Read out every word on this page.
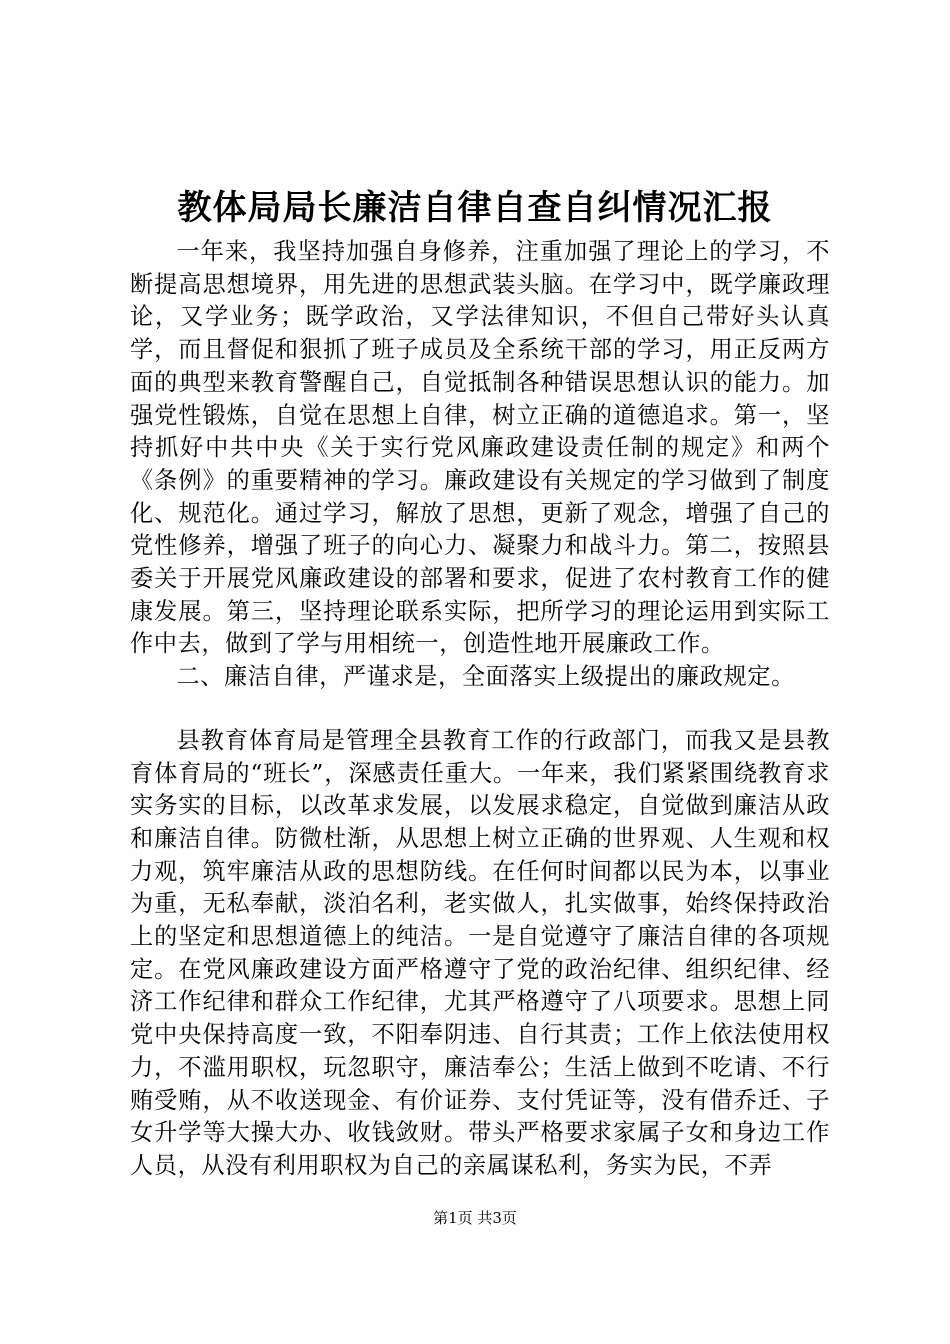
教体局局长廉洁自律自查自纠情况汇报

一年来，我坚持加强自身修养，注重加强了理论上的学习，不断提高思想境界，用先进的思想武装头脑。在学习中，既学廉政理论，又学业务；既学政治，又学法律知识，不但自己带好头认真学，而且督促和狠抓了班子成员及全系统干部的学习，用正反两方面的典型来教育警醒自己，自觉抵制各种错误思想认识的能力。加强党性锻炼，自觉在思想上自律，树立正确的道德追求。第一，坚持抓好中共中央《关于实行党风廉政建设责任制的规定》和两个《条例》的重要精神的学习。廉政建设有关规定的学习做到了制度化、规范化。通过学习，解放了思想，更新了观念，增强了自己的党性修养，增强了班子的向心力、凝聚力和战斗力。第二，按照县委关于开展党风廉政建设的部署和要求，促进了农村教育工作的健康发展。第三，坚持理论联系实际，把所学习的理论运用到实际工作中去，做到了学与用相统一，创造性地开展廉政工作。

二、廉洁自律，严谨求是，全面落实上级提出的廉政规定。

县教育体育局是管理全县教育工作的行政部门，而我又是县教育体育局的“班长”，深感责任重大。一年来，我们紧紧围绕教育求实务实的目标，以改革求发展，以发展求稳定，自觉做到廉洁从政和廉洁自律。防微杜渐，从思想上树立正确的世界观、人生观和权力观，筑牢廉洁从政的思想防线。在任何时间都以民为本，以事业为重，无私奉献，淡泊名利，老实做人，扎实做事，始终保持政治上的坚定和思想道德上的纯洁。一是自觉遵守了廉洁自律的各项规定。在党风廉政建设方面严格遵守了党的政治纪律、组织纪律、经济工作纪律和群众工作纪律，尤其严格遵守了八项要求。思想上同党中央保持高度一致，不阳奉阴违、自行其责；工作上依法使用权力，不滥用职权，玩忽职守，廉洁奉公；生活上做到不吃请、不行贿受贿，从不收送现金、有价证券、支付凭证等，没有借乔迁、子女升学等大操大办、收钱敛财。带头严格要求家属子女和身边工作人员，从没有利用职权为自己的亲属谋私利，务实为民，不弄

第1页 共3页
